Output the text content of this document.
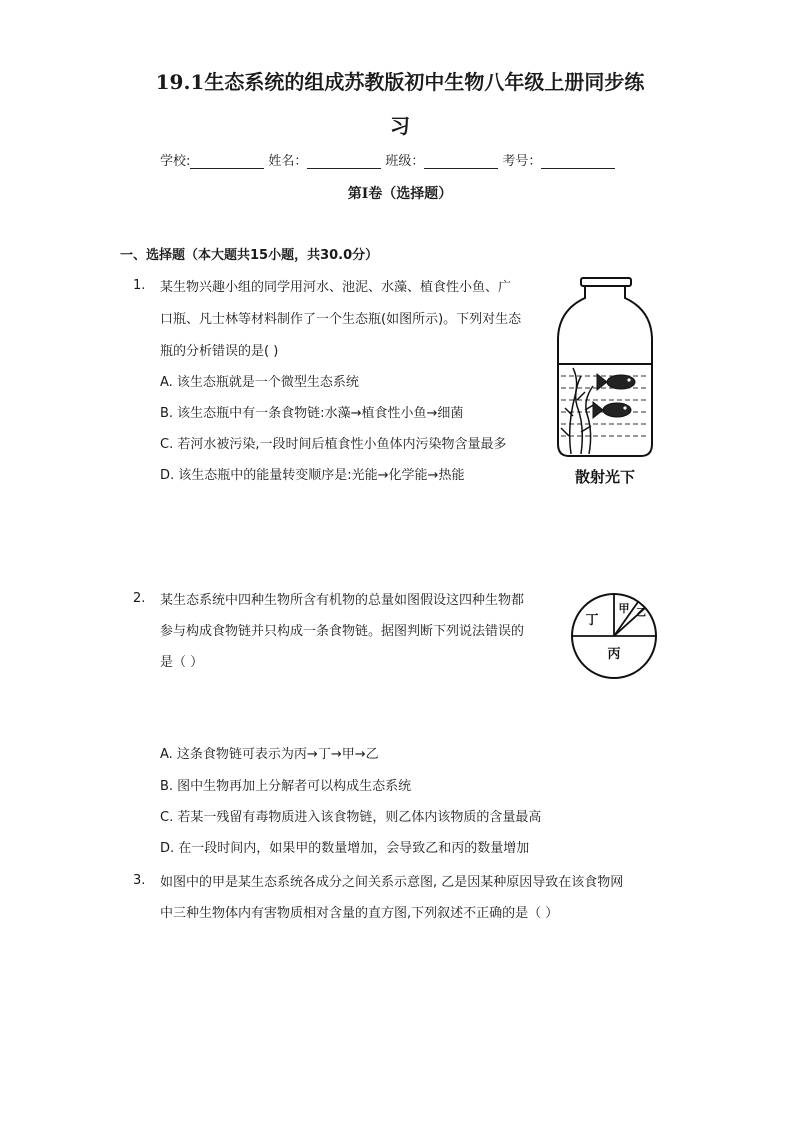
19.1生态系统的组成苏教版初中生物八年级上册同步练
习
学校:	姓名：	班级：	考号：
第I卷（选择题）
一、选择题（本大题共15小题，共30.0分）
1. 某生物兴趣小组的同学用河水、池泥、水藻、植食性小鱼、广
口瓶、凡士林等材料制作了一个生态瓶(如图所示)。下列对生态
瓶的分析错误的是( )
A. 该生态瓶就是一个微型生态系统
B. 该生态瓶中有一条食物链:水藻→植食性小鱼→细菌
C. 若河水被污染,一段时间后植食性小鱼体内污染物含量最多
D. 该生态瓶中的能量转变顺序是:光能→化学能→热能	散射光下
2. 某生态系统中四种生物所含有机物的总量如图假设这四种生物都
参与构成食物链并只构成一条食物链。据图判断下列说法错误的
是（ ）
丁
甲 乙
丙
A. 这条食物链可表示为丙→丁→甲→乙
B. 图中生物再加上分解者可以构成生态系统
C. 若某一残留有毒物质进入该食物链，则乙体内该物质的含量最高
D. 在一段时间内，如果甲的数量增加，会导致乙和丙的数量增加
3. 如图中的甲是某生态系统各成分之间关系示意图, 乙是因某种原因导致在该食物网
中三种生物体内有害物质相对含量的直方图,下列叙述不正确的是（ ）
